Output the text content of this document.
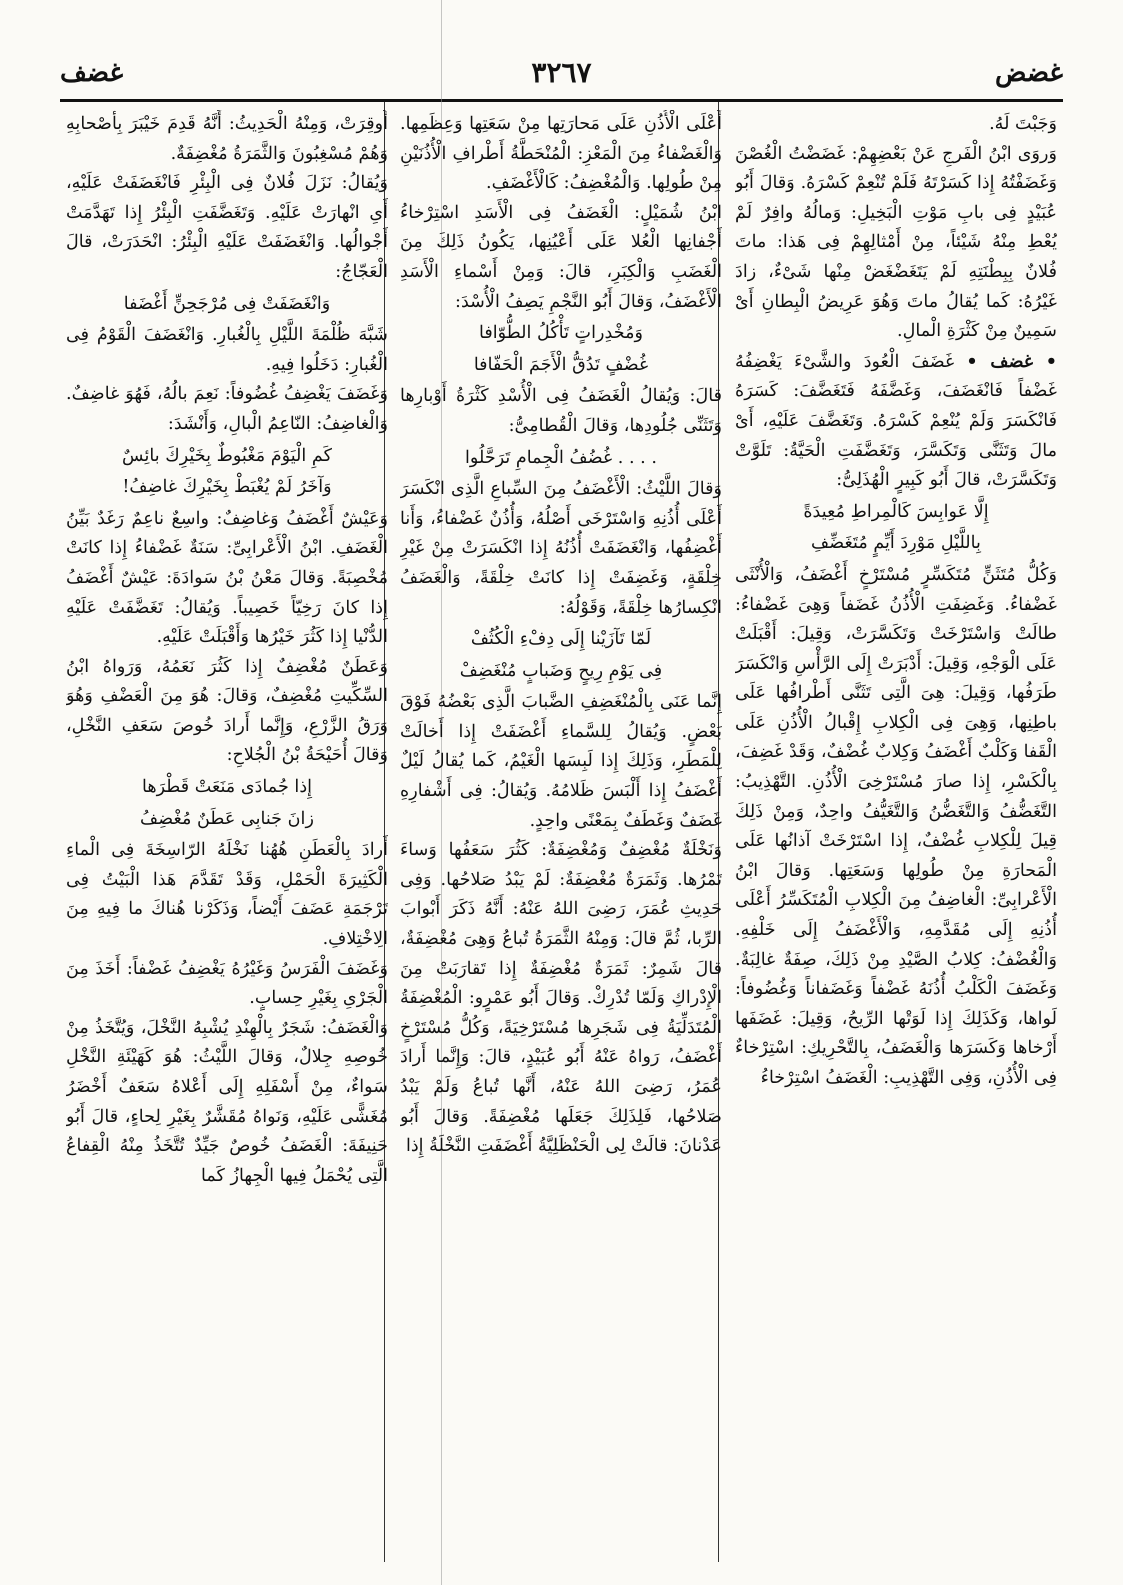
غضض
٣٢٦٧
غضف

وَجَبْتَ لَهُ.

وَروَى ابْنُ الْفَرجِ عَنْ بَعْضِهِمْ: غَضَضْتُ الْغُصْنَ وَغَضَفْتُهُ إِذا كَسَرْتَهُ فَلَمْ تُنْعِمْ كَسْرَهُ. وَقالَ أَبُو عُبَيْدٍ فِى بابِ مَوْتِ الْبَخِيلِ: وَمالُهُ وافِرٌ لَمْ يُعْطِ مِنْهُ شَيْئاً، مِنْ أَمْثالِهِمْ فِى هَذا: ماتَ فُلانٌ بِبِطْنَتِهِ لَمْ يَتَغَضْغَضْ مِنْها شَىْءٌ، زادَ غَيْرُهُ: كَما يُقالُ ماتَ وَهُوَ عَرِيضُ الْبِطانِ أَىْ سَمِينٌ مِنْ كَثْرَةِ الْمالِ.

• غضف • غَضَفَ الْعُودَ والشَّىْءَ يَغْضِفُهُ غَضْفاً فَانْغَضَفَ، وَغَضَّفَهُ فَتَغَضَّفَ: كَسَرَهُ فَانْكَسَرَ وَلَمْ يُنْعِمْ كَسْرَهُ. وَتَغَضَّفَ عَلَيْهِ، أَىْ مالَ وَتَثَنَّى وَتَكَسَّرَ، وَتَغَضَّفَتِ الْحَيَّةُ: تَلَوَّتْ وَتَكَسَّرَتْ، قالَ أَبُو كَبِيرٍ الْهُذَلِىُّ:

إِلَّا عَوابِسَ كَالْمِراطِ مُعِيدَةً
بِاللَّيْلِ مَوْرِدَ أَيِّمٍ مُتَغَضِّفِ

وَكُلُّ مُتَثَنٍّ مُتَكَسِّرٍ مُسْتَرْخٍ أَغْضَفُ، وَالْأُنْثَى غَضْفاءُ. وَغَضِفَتِ الْأُذُنُ غَضَفاً وَهِىَ غَضْفاءُ: طالَتْ وَاسْتَرْخَتْ وَتَكَسَّرَتْ، وَقِيلَ: أَقْبَلَتْ عَلَى الْوَجْهِ، وَقِيلَ: أَدْبَرَتْ إِلَى الرَّأْسِ وَانْكَسَرَ طَرَفُها، وَقِيلَ: هِىَ الَّتِى تَثَنَّى أَطْرافُها عَلَى باطِنِها، وَهِىَ فِى الْكِلابِ إِقْبالُ الْأُذُنِ عَلَى الْقَفا وَكَلْبٌ أَغْضَفُ وَكِلابٌ غُضْفٌ، وَقَدْ غَضِفَ، بِالْكَسْرِ، إِذا صارَ مُسْتَرْخِىَ الْأُذُنِ. التَّهْذِيبُ: التَّغَضُّفُ وَالتَّغَضُّنُ وَالتَّغَيُّفُ واحِدٌ، وَمِنْ ذَلِكَ قِيلَ لِلْكِلابِ غُضْفٌ، إِذا اسْتَرْخَتْ آذانُها عَلَى الْمَحارَةِ مِنْ طُولِها وَسَعَتِها. وَقالَ ابْنُ الْأَعْرابِىِّ: الْغاضِفُ مِنَ الْكِلابِ الْمُتَكَسِّرُ أَعْلَى أُذُنِهِ إِلَى مُقَدَّمِهِ، وَالْأَغْضَفُ إِلَى خَلْفِهِ. وَالْغُضْفُ: كِلابُ الصَّيْدِ مِنْ ذَلِكَ، صِفَةٌ غالِبَةٌ. وَغَضَفَ الْكَلْبُ أُذُنَهُ غَضْفاً وَغَضَفاناً وَغُضُوفاً: لَواها، وَكَذَلِكَ إِذا لَوَتْها الرِّيحُ، وَقِيلَ: غَضَفَها أَرْخاها وَكَسَرَها وَالْغَضَفُ، بِالتَّحْرِيكِ: اسْتِرْخاءٌ فِى الْأُذُنِ، وَفِى التَّهْذِيبِ: الْغَضَفُ اسْتِرْخاءُ

أَعْلَى الْأُذُنِ عَلَى مَحارَتِها مِنْ سَعَتِها وَعِظَمِها. وَالْغَضْفاءُ مِنَ الْمَعْزِ: الْمُنْحَطَّةُ أَطْرافِ الْأُذُنَيْنِ مِنْ طُولِها. وَالْمُغْضِفُ: كَالْأَغْضَفِ.

ابْنُ شُمَيْلٍ: الْغَضَفُ فِى الْأَسَدِ اسْتِرْخاءُ أَجْفانِها الْعُلا عَلَى أَعْيُنِها، يَكُونُ ذَلِكَ مِنَ الْغَضَبِ وَالْكِبَرِ، قالَ: وَمِنْ أَسْماءِ الْأَسَدِ الْأَغْضَفُ، وَقالَ أَبُو النَّجْمِ يَصِفُ الْأُسْدَ:

وَمُخْدِراتٍ تَأْكُلُ الطُّوّافا
غُضْفٍ تَدُقُّ الْأَجَمَ الْحَفّافا

قالَ: وَيُقالُ الْغَضَفُ فِى الْأُسْدِ كَثْرَةُ أَوْبارِها وَتَثَنِّى جُلُودِها، وَقالَ الْقُطامِىُّ:

. . . . غُضُفُ الْجِمامِ تَرَحَّلُوا

وَقالَ اللَّيْثُ: الْأَغْضَفُ مِنَ السِّباعِ الَّذِى انْكَسَرَ أَعْلَى أُذُنِهِ وَاسْتَرْخَى أَصْلُهُ، وَأُذُنٌ غَضْفاءُ، وَأَنا أَغْضِفُها، وَانْغَضَفَتْ أُذُنُهُ إِذا انْكَسَرَتْ مِنْ غَيْرِ خِلْقَةٍ، وَغَضِفَتْ إِذا كانَتْ خِلْقَةً، وَالْغَضَفُ انْكِسارُها خِلْقَةً، وَقَوْلُهُ:

لَمّا تَآزَيْنا إِلَى دِفْءِ الْكُثُفْ
فِى يَوْمِ رِيحٍ وَضَبابٍ مُنْغَضِفْ

إِنَّما عَنَى بِالْمُنْغَضِفِ الضَّبابَ الَّذِى بَعْضُهُ فَوْقَ بَعْضٍ. وَيُقالُ لِلسَّماءِ أَغْضَفَتْ إِذا أَخالَتْ لِلْمَطَرِ، وَذَلِكَ إِذا لَبِسَها الْغَيْمُ، كَما يُقالُ لَيْلٌ أَغْضَفُ إِذا أَلْبَسَ ظَلامُهُ. وَيُقالُ: فِى أَشْفارِهِ غَضَفٌ وَغَطَفٌ بِمَعْنًى واحِدٍ.

وَنَخْلَةٌ مُغْضِفٌ وَمُغْضِفَةٌ: كَثُرَ سَعَفُها وَساءَ تَمْرُها. وَثَمَرَةٌ مُغْضِفَةٌ: لَمْ يَبْدُ صَلاحُها. وَفِى حَدِيثِ عُمَرَ، رَضِىَ اللهُ عَنْهُ: أَنَّهُ ذَكَرَ أَبْوابَ الرِّبا، ثُمَّ قالَ: وَمِنْهُ الثَّمَرَةُ تُباعُ وَهِىَ مُغْضِفَةٌ، قالَ شَمِرٌ: ثَمَرَةٌ مُغْضِفَةٌ إِذا تَقارَبَتْ مِنَ الْإِدْراكِ وَلَمّا تُدْرِكْ. وَقالَ أَبُو عَمْرٍو: الْمُغْضِفَةُ الْمُتَدَلِّيَةُ فِى شَجَرِها مُسْتَرْخِيَةً، وَكُلُّ مُسْتَرْخٍ أَغْضَفُ، رَواهُ عَنْهُ أَبُو عُبَيْدٍ، قالَ: وَإِنَّما أَرادَ عُمَرُ، رَضِىَ اللهُ عَنْهُ، أَنَّها تُباعُ وَلَمْ يَبْدُ صَلاحُها، فَلِذَلِكَ جَعَلَها مُغْضِفَةً. وَقالَ أَبُو عَدْنانَ: قالَتْ لِى الْحَنْظَلِيَّةُ أَغْضَفَتِ النَّخْلَةُ إِذا

أُوقِرَتْ، وَمِنْهُ الْحَدِيثُ: أَنَّهُ قَدِمَ خَيْبَرَ بِأَصْحابِهِ وَهُمْ مُسْغِبُونَ وَالثَّمَرَةُ مُغْضِفَةٌ.

وَيُقالُ: نَزَلَ فُلانٌ فِى الْبِئْرِ فَانْغَضَفَتْ عَلَيْهِ، أَىِ انْهارَتْ عَلَيْهِ. وَتَغَضَّفَتِ الْبِئْرُ إِذا تَهَدَّمَتْ أَجْوالُها. وَانْغَضَفَتْ عَلَيْهِ الْبِئْرُ: انْحَدَرَتْ، قالَ الْعَجّاجُ:

وَانْغَضَفَتْ فِى مُرْجَحِنٍّ أَغْضَفا

شَبَّهَ ظُلْمَةَ اللَّيْلِ بِالْغُبارِ. وَانْغَضَفَ الْقَوْمُ فِى الْغُبارِ: دَخَلُوا فِيهِ.

وَغَضَفَ يَغْضِفُ غُضُوفاً: نَعِمَ بالُهُ، فَهُوَ غاضِفٌ. وَالْغاضِفُ: النّاعِمُ الْبالِ، وَأَنْشَدَ:

كَمِ الْيَوْمَ مَغْبُوطٌ بِخَيْرِكَ بائِسٌ
وَآخَرُ لَمْ يُغْبَطْ بِخَيْرِكَ غاضِفُ!

وَعَيْشٌ أَغْضَفُ وَغاضِفٌ: واسِعٌ ناعِمٌ رَغَدٌ بَيِّنُ الْغَضَفِ. ابْنُ الْأَعْرابِىِّ: سَنَةٌ غَضْفاءُ إِذا كانَتْ مُخْصِبَةً. وَقالَ مَعْنُ بْنُ سَوادَةَ: عَيْشٌ أَغْضَفُ إِذا كانَ رَخِيّاً خَصِيباً. وَيُقالُ: تَغَضَّفَتْ عَلَيْهِ الدُّنْيا إِذا كَثُرَ خَيْرُها وَأَقْبَلَتْ عَلَيْهِ.

وَعَطَنٌ مُغْضِفٌ إِذا كَثُرَ نَعَمُهُ، وَرَواهُ ابْنُ السِّكِّيتِ مُغْضِفٌ، وَقالَ: هُوَ مِنَ الْعَضْفِ وَهُوَ وَرَقُ الزَّرْعِ، وَإِنَّما أَرادَ خُوصَ سَعَفِ النَّخْلِ، وَقالَ أُحَيْحَةُ بْنُ الْجُلاحِ:

إِذا جُمادَى مَنَعَتْ قَطْرَها
زانَ جَنابِى عَطَنٌ مُغْضِفُ

أَرادَ بِالْعَطَنِ هُهُنا نَخْلَهُ الرّاسِخَةَ فِى الْماءِ الْكَثِيرَةَ الْحَمْلِ، وَقَدْ تَقَدَّمَ هَذا الْبَيْتُ فِى تَرْجَمَةِ عَضَفَ أَيْضاً، وَذَكَرْنا هُناكَ ما فِيهِ مِنَ الِاخْتِلافِ.

وَغَضَفَ الْفَرَسُ وَغَيْرُهُ يَغْضِفُ غَضْفاً: أَخَذَ مِنَ الْجَرْىِ بِغَيْرِ حِسابٍ.

وَالْغَضَفُ: شَجَرٌ بِالْهِنْدِ يُشْبِهُ النَّخْلَ، وَيُتَّخَذُ مِنْ خُوصِهِ جِلالٌ، وَقالَ اللَّيْثُ: هُوَ كَهَيْئَةِ النَّخْلِ سَواءٌ، مِنْ أَسْفَلِهِ إِلَى أَعْلاهُ سَعَفٌ أَخْضَرُ مُغَشًّى عَلَيْهِ، وَنَواهُ مُقَشَّرٌ بِغَيْرِ لِحاءٍ، قالَ أَبُو حَنِيفَةَ: الْغَضَفُ خُوصٌ جَيِّدٌ تُتَّخَذُ مِنْهُ الْقِفاعُ الَّتِى يُحْمَلُ فِيها الْجِهازُ كَما
